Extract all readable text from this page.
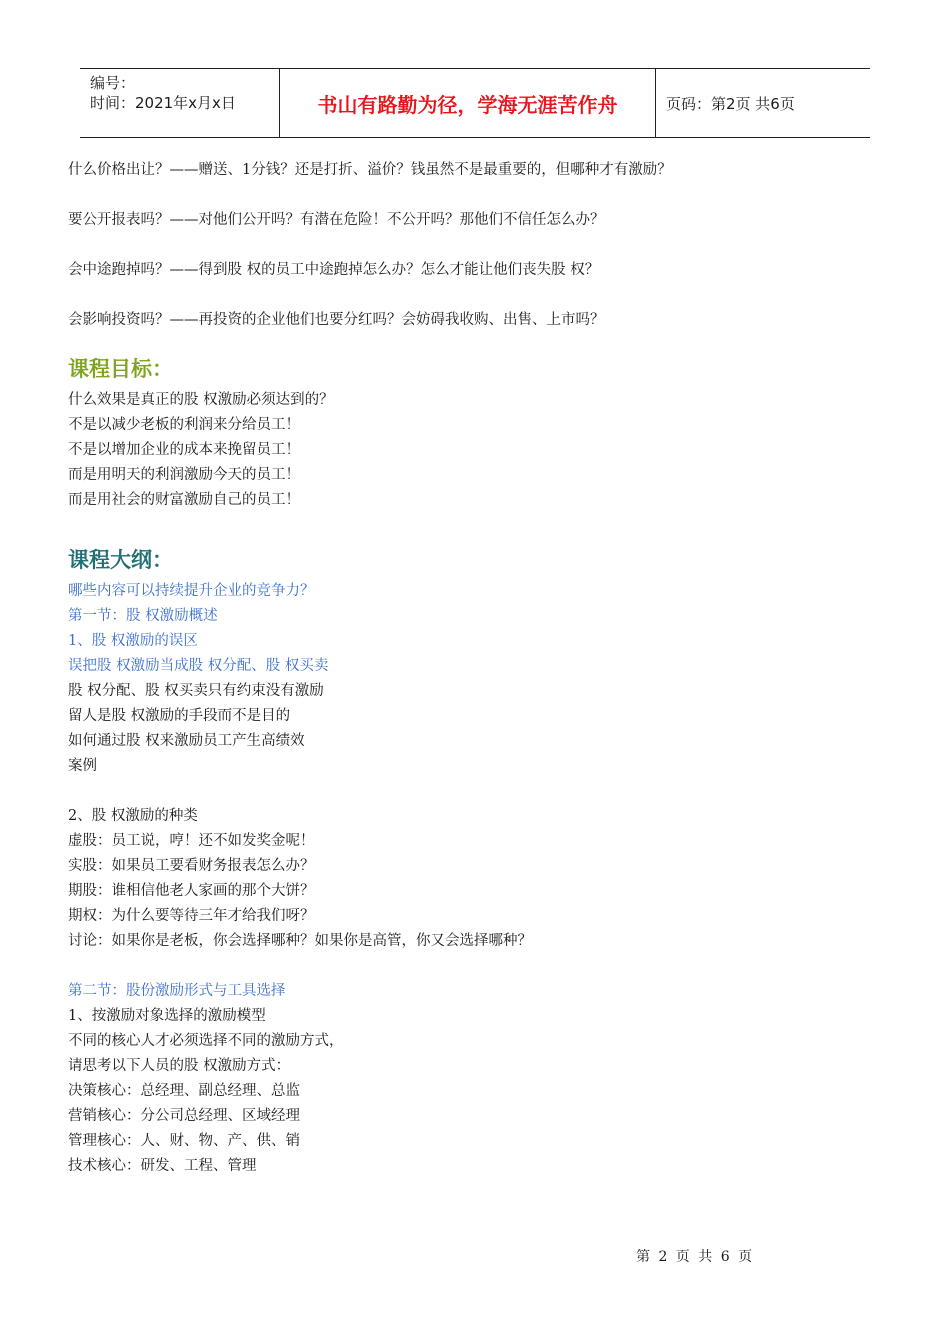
编号：
时间：2021年x月x日	书山有路勤为径，学海无涯苦作舟	页码：第2页 共6页
什么价格出让？——赠送、1分钱？还是打折、溢价？钱虽然不是最重要的，但哪种才有激励？
要公开报表吗？——对他们公开吗？有潜在危险！不公开吗？那他们不信任怎么办？
会中途跑掉吗？——得到股 权的员工中途跑掉怎么办？怎么才能让他们丧失股 权？
会影响投资吗？——再投资的企业他们也要分红吗？会妨碍我收购、出售、上市吗？
课程目标：
什么效果是真正的股 权激励必须达到的？
不是以减少老板的利润来分给员工！
不是以增加企业的成本来挽留员工！
而是用明天的利润激励今天的员工！
而是用社会的财富激励自己的员工！
课程大纲：
哪些内容可以持续提升企业的竞争力？
第一节：股 权激励概述
1、股 权激励的误区
误把股 权激励当成股 权分配、股 权买卖
股 权分配、股 权买卖只有约束没有激励
留人是股 权激励的手段而不是目的
如何通过股 权来激励员工产生高绩效
案例
2、股 权激励的种类
虚股：员工说，哼！还不如发奖金呢！
实股：如果员工要看财务报表怎么办？
期股：谁相信他老人家画的那个大饼？
期权：为什么要等待三年才给我们呀？
讨论：如果你是老板，你会选择哪种？如果你是高管，你又会选择哪种？
第二节：股份激励形式与工具选择
1、按激励对象选择的激励模型
不同的核心人才必须选择不同的激励方式，
请思考以下人员的股 权激励方式：
决策核心：总经理、副总经理、总监
营销核心：分公司总经理、区域经理
管理核心：人、财、物、产、供、销
技术核心：研发、工程、管理
第 2 页 共 6 页
